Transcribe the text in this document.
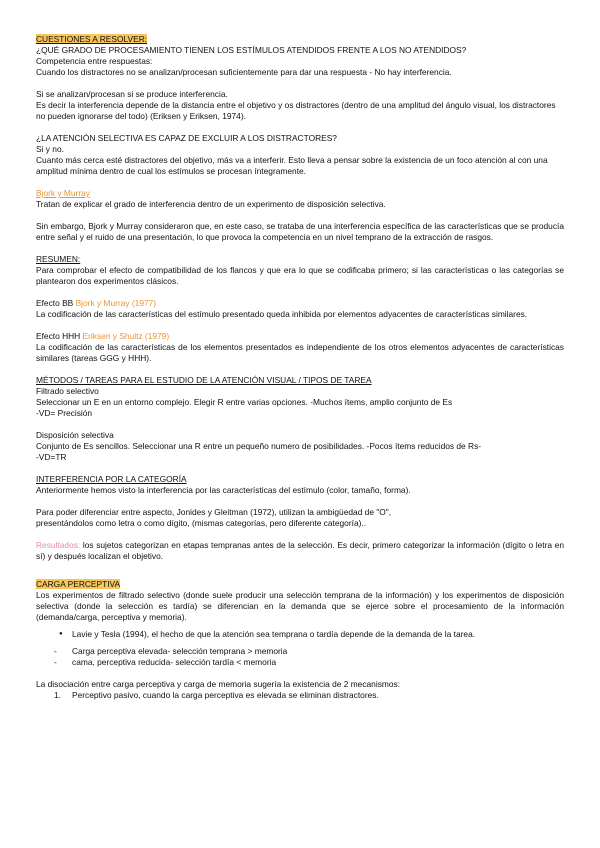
CUESTIONES A RESOLVER:

¿QUÉ GRADO DE PROCESAMIENTO TIENEN LOS ESTÍMULOS ATENDIDOS FRENTE A LOS NO ATENDIDOS?

Competencia entre respuestas:

Cuando los distractores no se analizan/procesan suficientemente para dar una respuesta - No hay interferencia.

Si se analizan/procesan si se produce interferencia.

Es decir la interferencia depende de la distancia entre el objetivo y os distractores (dentro de una amplitud del ángulo visual, los distractores no pueden ignorarse del todo) (Eriksen y Eriksen, 1974).

¿LA ATENCIÓN SELECTIVA ES CAPAZ DE EXCLUIR A LOS DISTRACTORES?

Si y no.

Cuanto más cerca esté distractores del objetivo, más va a interferir. Esto lleva a pensar sobre la existencia de un foco atención al con una amplitud mínima dentro de cual los estímulos se procesan íntegramente.

Bjork y Murray

Tratan de explicar el grado de interferencia dentro de un experimento de disposición selectiva.

Sin embargo, Bjork y Murray consideraron que, en este caso, se trataba de una interferencia específica de las características que se producía entre señal y el ruido de una presentación, lo que provoca la competencia en un nivel temprano de la extracción de rasgos.

RESUMEN:

Para comprobar el efecto de compatibilidad de los flancos y que era lo que se codificaba primero; si las características o las categorías se plantearon dos experimentos clásicos.

Efecto BB Bjork y Murray (1977)

La codificación de las características del estímulo presentado queda inhibida por elementos adyacentes de características similares.

Efecto HHH Eriksen y Shultz (1979)

La codificación de las características de los elementos presentados es independiente de los otros elementos adyacentes de características similares (tareas GGG y HHH).

MÉTODOS / TAREAS PARA EL ESTUDIO DE LA ATENCIÓN VISUAL / TIPOS DE TAREA

Filtrado selectivo

Seleccionar un E en un entorno complejo. Elegir R entre varias opciones. -Muchos ítems, amplio conjunto de Es

-VD= Precisión

Disposición selectiva

Conjunto de Es sencillos. Seleccionar una R entre un pequeño numero de posibilidades. -Pocos ítems reducidos de Rs-

-VD=TR

INTERFERENCIA POR LA CATEGORÍA

Anteriormente hemos visto la interferencia por las características del estímulo (color, tamaño, forma).

Para poder diferenciar entre aspecto, Jonides y Gleitman (1972), utilizan la ambigüedad de "O",

presentándolos como letra o como dígito, (mismas categorías, pero diferente categoría)..

Resultados: los sujetos categorizan en etapas tempranas antes de la selección. Es decir, primero categorizar la información (dígito o letra en sí) y después localizan el objetivo.

CARGA PERCEPTIVA

Los experimentos de filtrado selectivo (donde suele producir una selección temprana de la información) y los experimentos de disposición selectiva (donde la selección es tardía) se diferencian en la demanda que se ejerce sobre el procesamiento de la información (demanda/carga, perceptiva y memoria).

● Lavie y Tesla (1994), el hecho de que la atención sea temprana o tardía depende de la demanda de la tarea.
- Carga perceptiva elevada- selección temprana > memoria
- cama, perceptiva reducida- selección tardía < memoria

La disociación entre carga perceptiva y carga de memoria sugería la existencia de 2 mecanismos:

1. Perceptivo pasivo, cuando la carga perceptiva es elevada se eliminan distractores.
